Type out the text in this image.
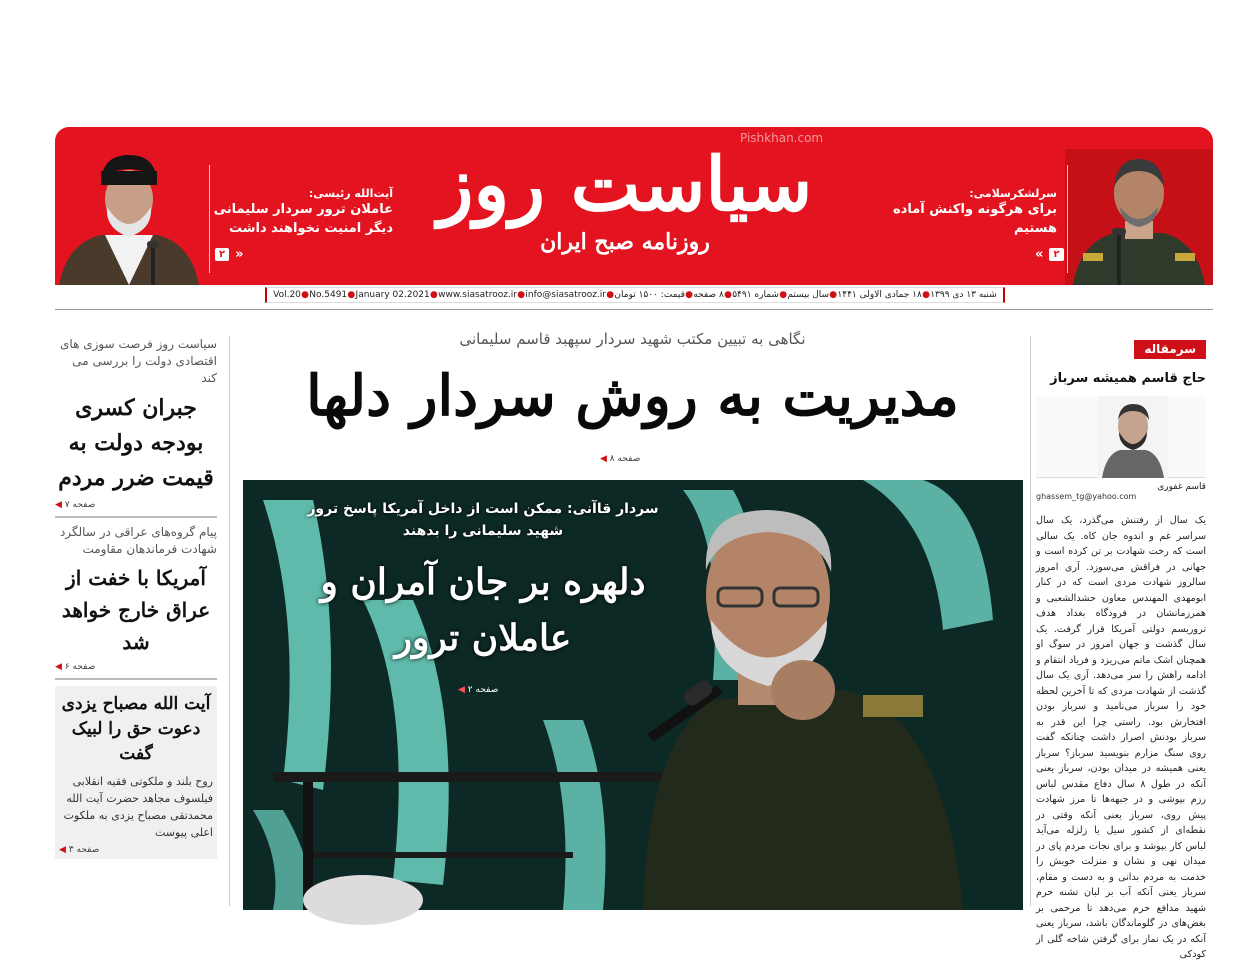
سرلشکرسلامی:
برای هرگونه واکنش آماده هستیم
«	۲
سیاست روز
روزنامه صبح ایران
آیت‌الله رئیسی:
عاملان ترور سردار سلیمانی دیگر امنیت نخواهند داشت
۲ »
Pishkhan.com
Vol.20 ● No.5491 ● January 02.2021 ● www.siasatrooz.ir ● info@siasatrooz.ir ● قیمت: ۱۵۰۰ تومان ● ۸ صفحه ● شماره ۵۴۹۱ ● سال بیستم ● ۱۸ جمادی الاولی ۱۴۴۱ ● شنبه ۱۳ دی ۱۳۹۹
سیاست روز فرصت سوزی های اقتصادی دولت را بررسی می کند
جبران کسری بودجه دولت به قیمت ضرر مردم
◀ صفحه ۷
پیام گروه‌های عراقی در سالگرد شهادت فرماندهان مقاومت
آمریکا با خفت از عراق خارج خواهد شد
◀ صفحه ۶
آیت الله مصباح یزدی دعوت حق را لبیک گفت
روح بلند و ملکوتی فقیه انقلابی فیلسوف مجاهد حضرت آیت الله محمدتقی مصباح یزدی به ملکوت اعلی پیوست
◀ صفحه ۳
نگاهی به تبیین مکتب شهید سردار سپهبد قاسم سلیمانی
مدیریت به روش سردار دلها
صفحه ۸ ◀
سردار قاآنی: ممکن است از داخل آمریکا پاسخ ترور شهید سلیمانی را بدهند
دلهره بر جان آمران و عاملان ترور
صفحه ۲ ◀
سرمقاله
حاج قاسم همیشه سرباز
قاسم غفوری
ghassem_tg@yahoo.com
یک سال از رفتنش می‌گذرد، یک سال سراسر غم و اندوه جان کاه. یک سالی است که رخت شهادت بر تن کرده است و جهانی در فراقش می‌سوزد. آری امروز سالروز شهادت مردی است که در کنار ابومهدی المهندس معاون حشدالشعبی و همرزمانشان در فرودگاه بغداد هدف تروریسم دولتی آمریکا قرار گرفت. یک سال گذشت و جهان امروز در سوگ او همچنان اشک ماتم می‌ریزد و فریاد انتقام و ادامه راهش را سر می‌دهد. آری یک سال گذشت از شهادت مردی که تا آخرین لحظه خود را سرباز می‌نامید و سرباز بودن افتخارش بود. راستی چرا این قدر به سرباز بودنش اصرار داشت چنانکه گفت روی سنگ مزارم بنویسید سرباز؟ سرباز یعنی همیشه در میدان بودن، سرباز یعنی آنکه در طول ۸ سال دفاع مقدس لباس رزم بپوشی و در جبهه‌ها تا مرز شهادت پیش روی، سرباز یعنی آنکه وقتی در نقطه‌ای از کشور سیل یا زلزله می‌آید لباس کار بپوشد و برای نجات مردم پای در میدان نهی و نشان و منزلت خویش را خدمت به مردم بدانی و به دست و مقام، سرباز یعنی آنکه آب بر لبان تشنه حرم شهید مدافع حرم می‌دهد تا مرحمی بر بغض‌های در گلوماندگان باشد، سرباز یعنی آنکه در یک نماز برای گرفتن شاخه گلی از کودکی
